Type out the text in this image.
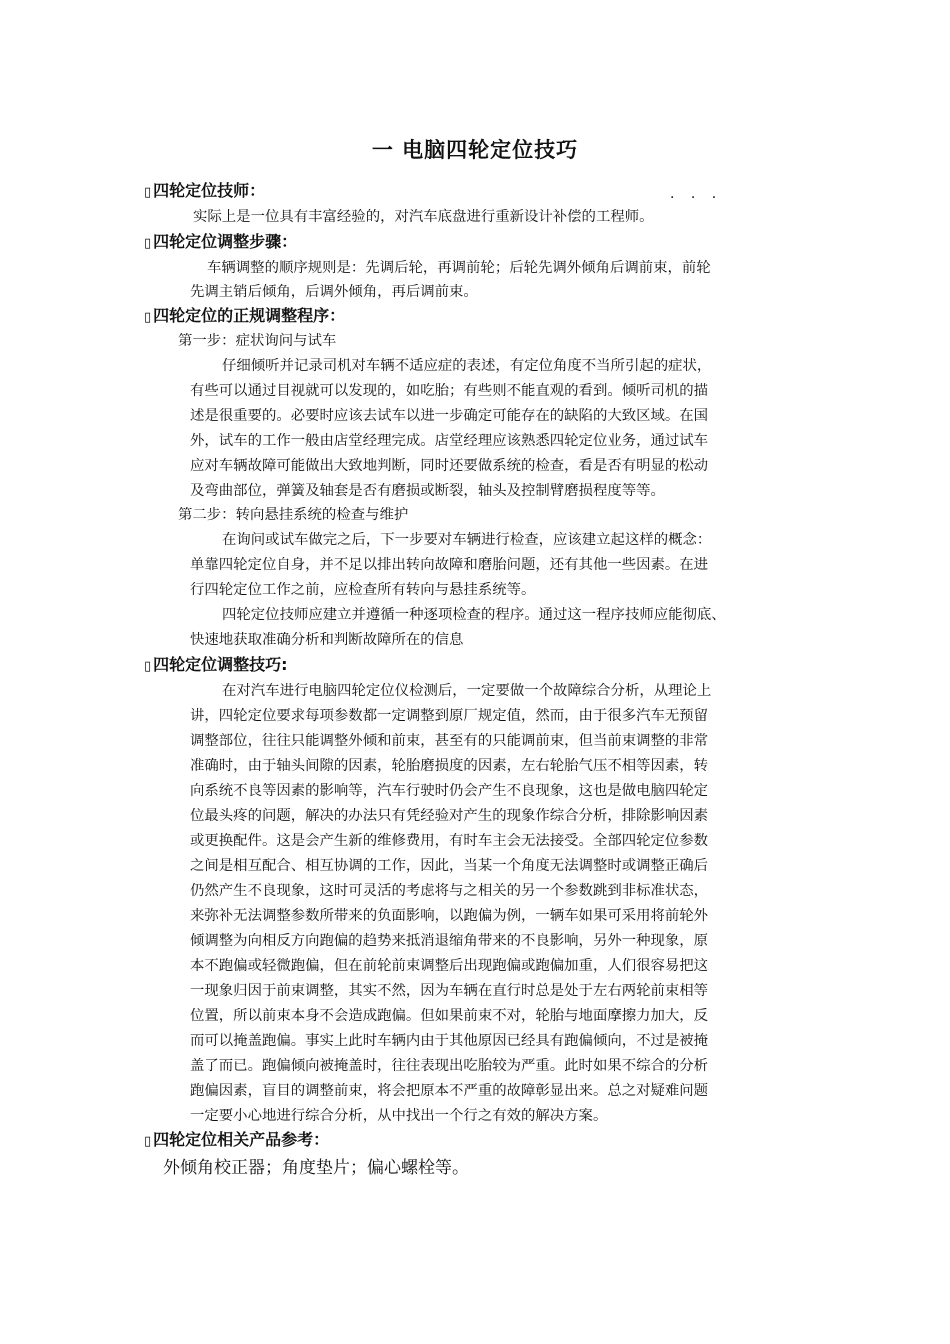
一 电脑四轮定位技巧
▯ 四轮定位技师：	· · ·
实际上是一位具有丰富经验的，对汽车底盘进行重新设计补偿的工程师。
▯ 四轮定位调整步骤：
车辆调整的顺序规则是：先调后轮，再调前轮；后轮先调外倾角后调前束，前轮
先调主销后倾角，后调外倾角，再后调前束。
▯ 四轮定位的正规调整程序：
第一步：症状询问与试车
仔细倾听并记录司机对车辆不适应症的表述，有定位角度不当所引起的症状，
有些可以通过目视就可以发现的，如吃胎；有些则不能直观的看到。倾听司机的描
述是很重要的。必要时应该去试车以进一步确定可能存在的缺陷的大致区域。在国
外，试车的工作一般由店堂经理完成。店堂经理应该熟悉四轮定位业务，通过试车
应对车辆故障可能做出大致地判断，同时还要做系统的检查，看是否有明显的松动
及弯曲部位，弹簧及轴套是否有磨损或断裂，轴头及控制臂磨损程度等等。
第二步：转向悬挂系统的检查与维护
在询问或试车做完之后，下一步要对车辆进行检查，应该建立起这样的概念：
单靠四轮定位自身，并不足以排出转向故障和磨胎问题，还有其他一些因素。在进
行四轮定位工作之前，应检查所有转向与悬挂系统等。
四轮定位技师应建立并遵循一种逐项检查的程序。通过这一程序技师应能彻底、
快速地获取准确分析和判断故障所在的信息
▯ 四轮定位调整技巧:
在对汽车进行电脑四轮定位仪检测后，一定要做一个故障综合分析，从理论上
讲，四轮定位要求每项参数都一定调整到原厂规定值，然而，由于很多汽车无预留
调整部位，往往只能调整外倾和前束，甚至有的只能调前束，但当前束调整的非常
准确时，由于轴头间隙的因素，轮胎磨损度的因素，左右轮胎气压不相等因素，转
向系统不良等因素的影响等，汽车行驶时仍会产生不良现象，这也是做电脑四轮定
位最头疼的问题，解决的办法只有凭经验对产生的现象作综合分析，排除影响因素
或更换配件。这是会产生新的维修费用，有时车主会无法接受。全部四轮定位参数
之间是相互配合、相互协调的工作，因此，当某一个角度无法调整时或调整正确后
仍然产生不良现象，这时可灵活的考虑将与之相关的另一个参数跳到非标准状态，
来弥补无法调整参数所带来的负面影响，以跑偏为例，一辆车如果可采用将前轮外
倾调整为向相反方向跑偏的趋势来抵消退缩角带来的不良影响，另外一种现象，原
本不跑偏或轻微跑偏，但在前轮前束调整后出现跑偏或跑偏加重，人们很容易把这
一现象归因于前束调整，其实不然，因为车辆在直行时总是处于左右两轮前束相等
位置，所以前束本身不会造成跑偏。但如果前束不对，轮胎与地面摩擦力加大，反
而可以掩盖跑偏。事实上此时车辆内由于其他原因已经具有跑偏倾向，不过是被掩
盖了而已。跑偏倾向被掩盖时，往往表现出吃胎较为严重。此时如果不综合的分析
跑偏因素，盲目的调整前束，将会把原本不严重的故障彰显出来。总之对疑难问题
一定要小心地进行综合分析，从中找出一个行之有效的解决方案。
▯ 四轮定位相关产品参考：
外倾角校正器；角度垫片；偏心螺栓等。
